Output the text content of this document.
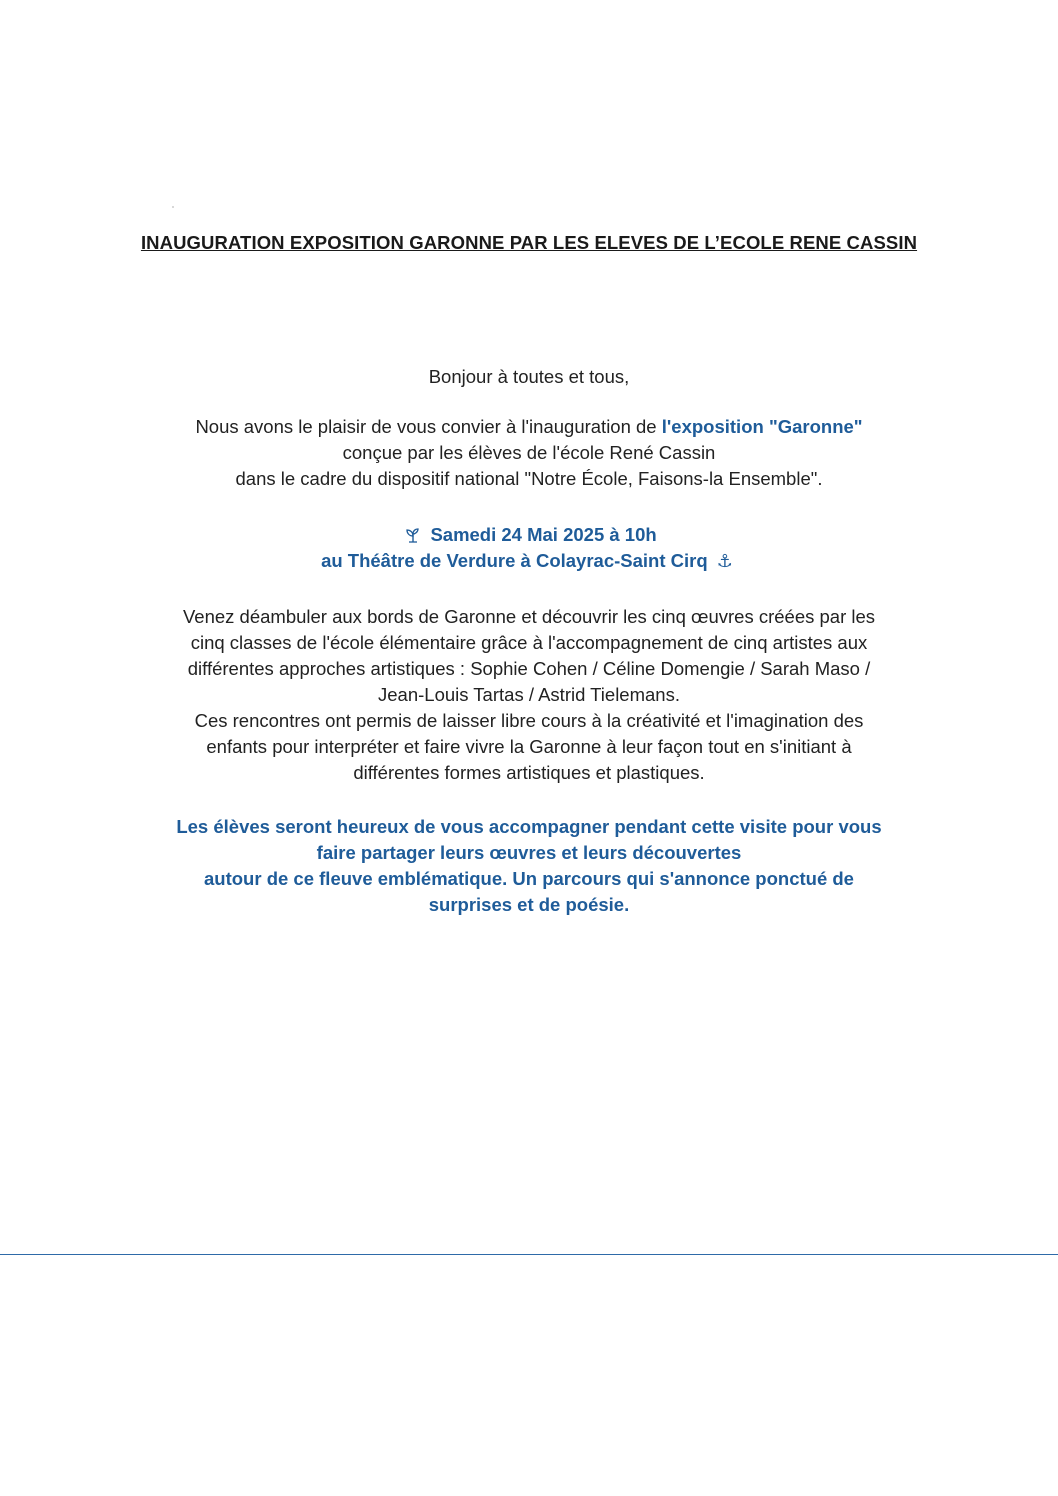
INAUGURATION EXPOSITION GARONNE PAR LES ELEVES DE L’ECOLE RENE CASSIN
Bonjour à toutes et tous,
Nous avons le plaisir de vous convier à l'inauguration de l'exposition "Garonne"
conçue par les élèves de l'école René Cassin
dans le cadre du dispositif national "Notre École, Faisons-la Ensemble".
Samedi 24 Mai 2025 à 10h
au Théâtre de Verdure à Colayrac-Saint Cirq ⚓
Venez déambuler aux bords de Garonne et découvrir les cinq œuvres créées par les
cinq classes de l'école élémentaire grâce à l'accompagnement de cinq artistes aux
différentes approches artistiques : Sophie Cohen / Céline Domengie / Sarah Maso /
Jean-Louis Tartas / Astrid Tielemans.
Ces rencontres ont permis de laisser libre cours à la créativité et l'imagination des
enfants pour interpréter et faire vivre la Garonne à leur façon tout en s'initiant à
différentes formes artistiques et plastiques.
Les élèves seront heureux de vous accompagner pendant cette visite pour vous
faire partager leurs œuvres et leurs découvertes
autour de ce fleuve emblématique. Un parcours qui s'annonce ponctué de
surprises et de poésie.
